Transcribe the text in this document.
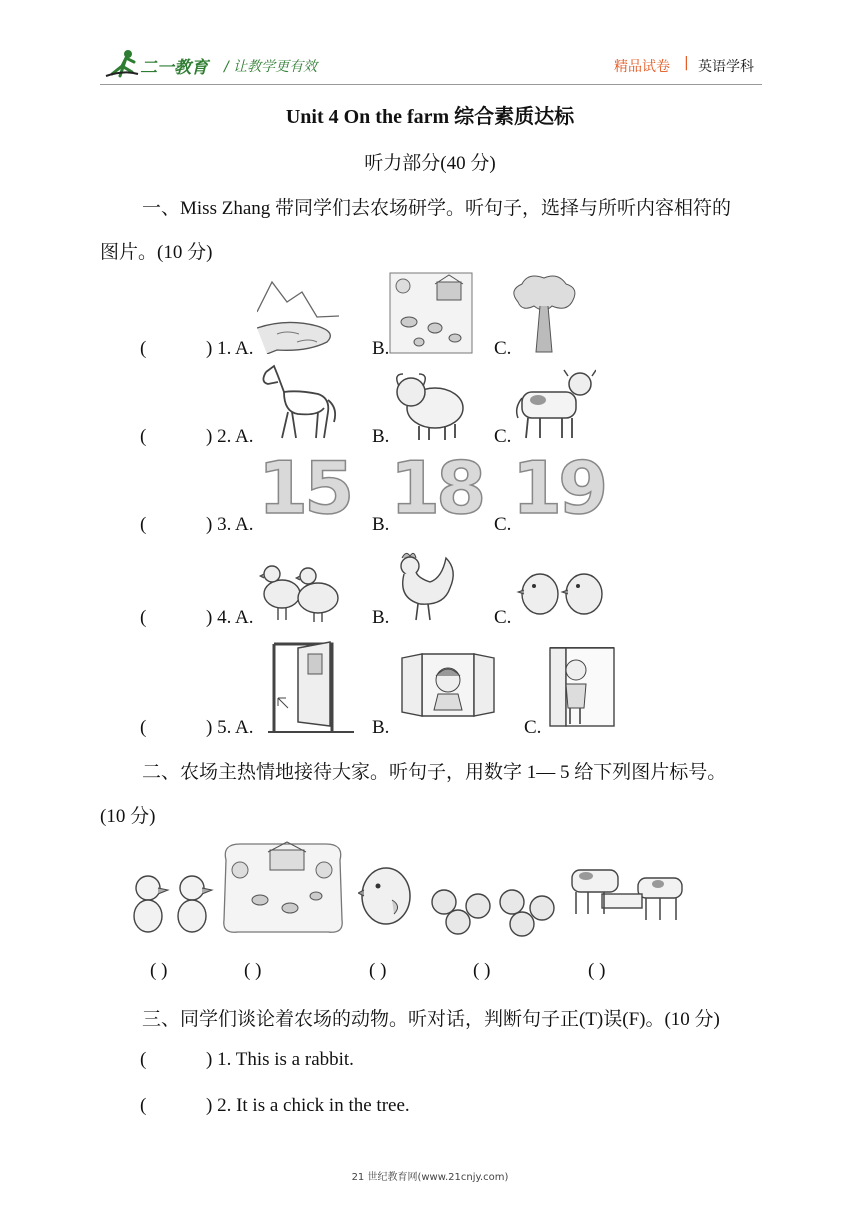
二一教育 / 让教学更有效	精品试卷 | 英语学科
Unit 4 On the farm 综合素质达标
听力部分(40 分)
一、Miss Zhang 带同学们去农场研学。听句子，选择与所听内容相符的
图片。(10 分)
(	) 1. A.	B.	C.
(	) 2. A.	B.	C.
(	) 3. A. 15 B. 18 C. 19
(	) 4. A.	B.	C.
(	) 5. A.	B.	C.
二、农场主热情地接待大家。听句子，用数字 1— 5 给下列图片标号。
(10 分)
( )	( )	( )	( )	( )
三、同学们谈论着农场的动物。听对话，判断句子正(T)误(F)。(10 分)
(	) 1. This is a rabbit.
(	) 2. It is a chick in the tree.
21 世纪教育网(www.21cnjy.com)
